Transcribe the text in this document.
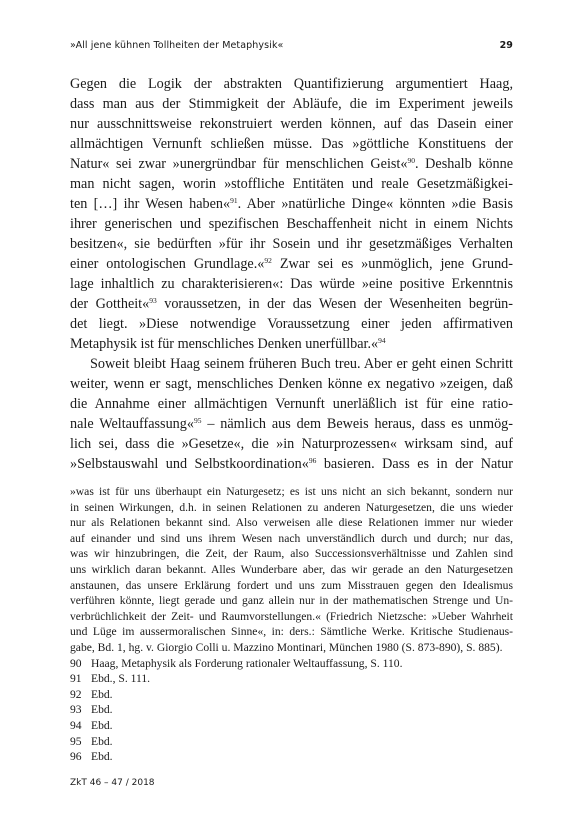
»All jene kühnen Tollheiten der Metaphysik«	29

Gegen die Logik der abstrakten Quantifizierung argumentiert Haag,
dass man aus der Stimmigkeit der Abläufe, die im Experiment jeweils
nur ausschnittsweise rekonstruiert werden können, auf das Dasein einer
allmächtigen Vernunft schließen müsse. Das »göttliche Konstituens der
Natur« sei zwar »unergründbar für menschlichen Geist«$^{90}$. Deshalb könne
man nicht sagen, worin »stoffliche Entitäten und reale Gesetzmäßigkei-
ten […] ihr Wesen haben«$^{91}$. Aber »natürliche Dinge« könnten »die Basis
ihrer generischen und spezifischen Beschaffenheit nicht in einem Nichts
besitzen«, sie bedürften »für ihr Sosein und ihr gesetzmäßiges Verhalten
einer ontologischen Grundlage.«$^{92}$ Zwar sei es »unmöglich, jene Grund-
lage inhaltlich zu charakterisieren«: Das würde »eine positive Erkenntnis
der Gottheit«$^{93}$ voraussetzen, in der das Wesen der Wesenheiten begrün-
det liegt. »Diese notwendige Voraussetzung einer jeden affirmativen
Metaphysik ist für menschliches Denken unerfüllbar.«$^{94}$

Soweit bleibt Haag seinem früheren Buch treu. Aber er geht einen Schritt
weiter, wenn er sagt, menschliches Denken könne ex negativo »zeigen, daß
die Annahme einer allmächtigen Vernunft unerläßlich ist für eine ratio-
nale Weltauffassung«$^{95}$ – nämlich aus dem Beweis heraus, dass es unmög-
lich sei, dass die »Gesetze«, die »in Naturprozessen« wirksam sind, auf
»Selbstauswahl und Selbstkoordination«$^{96}$ basieren. Dass es in der Natur

»was ist für uns überhaupt ein Naturgesetz; es ist uns nicht an sich bekannt, sondern nur
in seinen Wirkungen, d.h. in seinen Relationen zu anderen Naturgesetzen, die uns wieder
nur als Relationen bekannt sind. Also verweisen alle diese Relationen immer nur wieder
auf einander und sind uns ihrem Wesen nach unverständlich durch und durch; nur das,
was wir hinzubringen, die Zeit, der Raum, also Successionsverhältnisse und Zahlen sind
uns wirklich daran bekannt. Alles Wunderbare aber, das wir gerade an den Naturgesetzen
anstaunen, das unsere Erklärung fordert und uns zum Misstrauen gegen den Idealismus
verführen könnte, liegt gerade und ganz allein nur in der mathematischen Strenge und Un-
verbrüchlichkeit der Zeit- und Raumvorstellungen.« (Friedrich Nietzsche: »Ueber Wahrheit
und Lüge im aussermoralischen Sinne«, in: ders.: Sämtliche Werke. Kritische Studienaus-
gabe, Bd. 1, hg. v. Giorgio Colli u. Mazzino Montinari, München 1980 (S. 873-890), S. 885).
90 Haag, Metaphysik als Forderung rationaler Weltauffassung, S. 110.
91 Ebd., S. 111.
92 Ebd.
93 Ebd.
94 Ebd.
95 Ebd.
96 Ebd.
ZkT 46 – 47 / 2018
